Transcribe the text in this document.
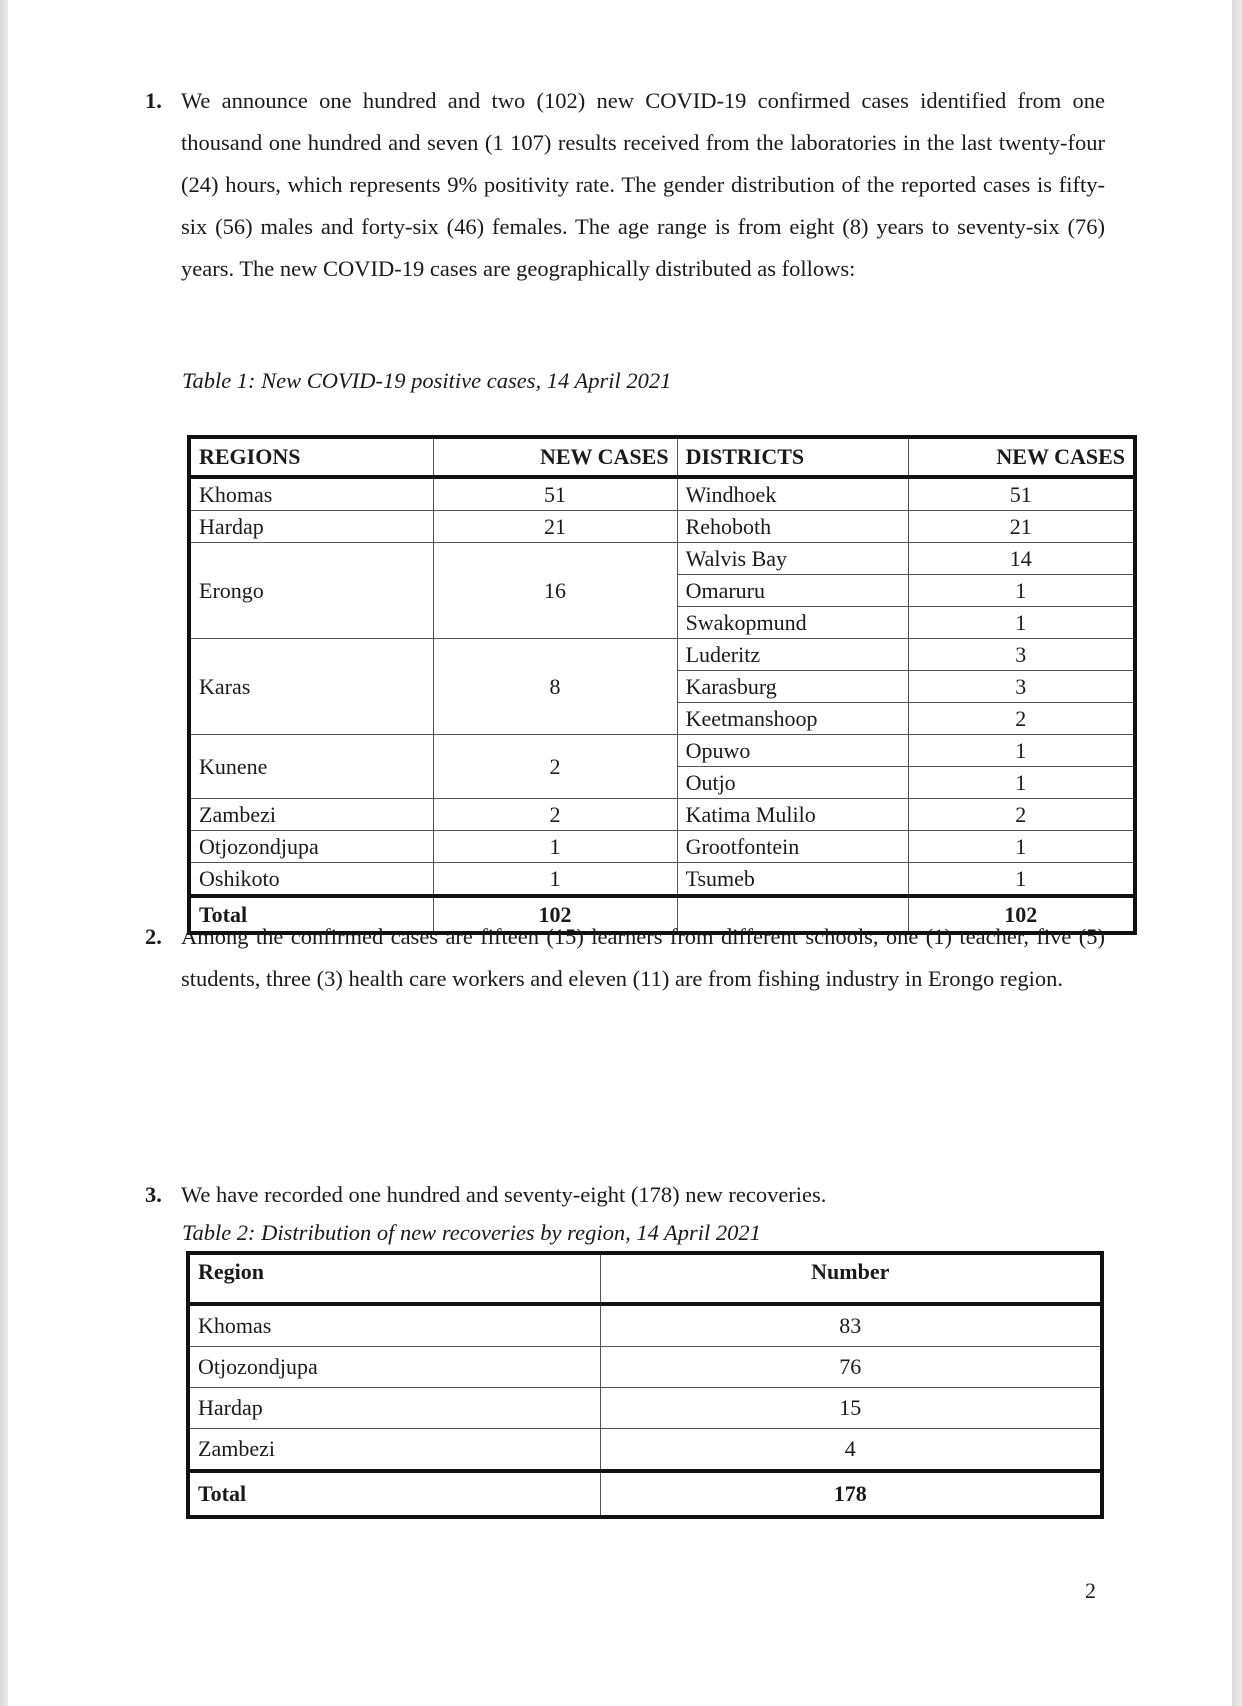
1. We announce one hundred and two (102) new COVID-19 confirmed cases identified from one thousand one hundred and seven (1 107) results received from the laboratories in the last twenty-four (24) hours, which represents 9% positivity rate. The gender distribution of the reported cases is fifty-six (56) males and forty-six (46) females. The age range is from eight (8) years to seventy-six (76) years. The new COVID-19 cases are geographically distributed as follows:
Table 1: New COVID-19 positive cases, 14 April 2021
REGIONS	NEW CASES	DISTRICTS	NEW CASES
Khomas	51	Windhoek	51
Hardap	21	Rehoboth	21
Erongo	16	Walvis Bay	14
		Omaruru	1
		Swakopmund	1
Karas	8	Luderitz	3
		Karasburg	3
		Keetmanshoop	2
Kunene	2	Opuwo	1
		Outjo	1
Zambezi	2	Katima Mulilo	2
Otjozondjupa	1	Grootfontein	1
Oshikoto	1	Tsumeb	1
Total	102		102
2. Among the confirmed cases are fifteen (15) learners from different schools, one (1) teacher, five (5) students, three (3) health care workers and eleven (11) are from fishing industry in Erongo region.
3. We have recorded one hundred and seventy-eight (178) new recoveries.
Table 2: Distribution of new recoveries by region, 14 April 2021
Region	Number
Khomas	83
Otjozondjupa	76
Hardap	15
Zambezi	4
Total	178
2
